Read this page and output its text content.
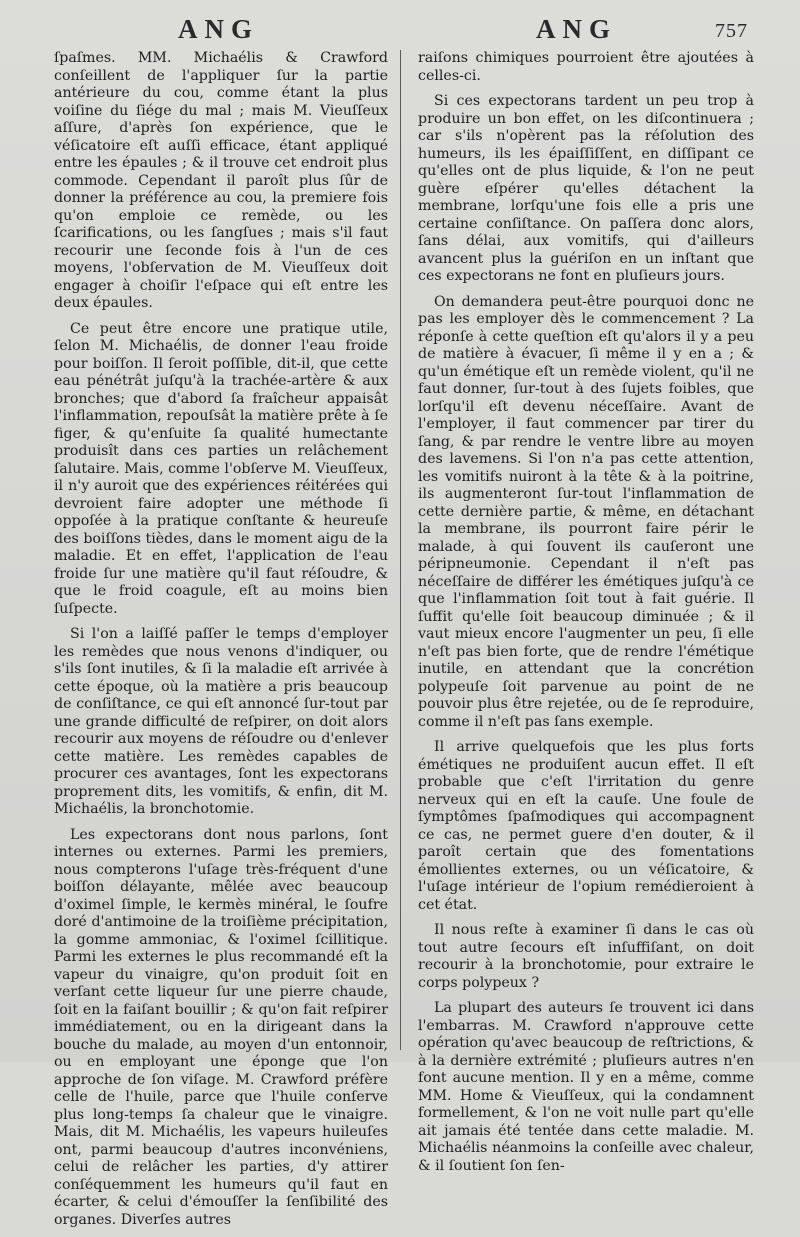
ANG	ANG	757

ſpaſmes. MM. Michaélis & Crawford conſeillent de l'appliquer ſur la partie antérieure du cou, comme étant la plus voiſine du ſiége du mal ; mais M. Vieuſſeux aſſure, d'après ſon expérience, que le véſicatoire eſt auſſi efficace, étant appliqué entre les épaules ; & il trouve cet endroit plus commode. Cependant il paroît plus ſûr de donner la préférence au cou, la premiere fois qu'on emploie ce remède, ou les ſcarifications, ou les ſangſues ; mais s'il faut recourir une ſeconde fois à l'un de ces moyens, l'obſervation de M. Vieuſſeux doit engager à choiſir l'eſpace qui eſt entre les deux épaules.

Ce peut être encore une pratique utile, ſelon M. Michaélis, de donner l'eau froide pour boiſſon. Il ſeroit poſſible, dit-il, que cette eau pénétrât juſqu'à la trachée-artère & aux bronches; que d'abord ſa fraîcheur appaisât l'inflammation, repouſsât la matière prête à ſe figer, & qu'enſuite ſa qualité humectante produisît dans ces parties un relâchement ſalutaire. Mais, comme l'obſerve M. Vieuſſeux, il n'y auroit que des expériences réitérées qui devroient faire adopter une méthode ſi oppoſée à la pratique conſtante & heureuſe des boiſſons tièdes, dans le moment aigu de la maladie. Et en effet, l'application de l'eau froide ſur une matière qu'il faut réſoudre, & que le froid coagule, eſt au moins bien ſuſpecte.

Si l'on a laiſſé paſſer le temps d'employer les remèdes que nous venons d'indiquer, ou s'ils ſont inutiles, & ſi la maladie eſt arrivée à cette époque, où la matière a pris beaucoup de conſiſtance, ce qui eſt annoncé ſur-tout par une grande difficulté de reſpirer, on doit alors recourir aux moyens de réſoudre ou d'enlever cette matière. Les remèdes capables de procurer ces avantages, ſont les expectorans proprement dits, les vomitifs, & enfin, dit M. Michaélis, la bronchotomie.

Les expectorans dont nous parlons, ſont internes ou externes. Parmi les premiers, nous compterons l'uſage très-fréquent d'une boiſſon délayante, mêlée avec beaucoup d'oximel ſimple, le kermès minéral, le ſoufre doré d'antimoine de la troiſième précipitation, la gomme ammoniac, & l'oximel ſcillitique. Parmi les externes le plus recommandé eſt la vapeur du vinaigre, qu'on produit ſoit en verſant cette liqueur ſur une pierre chaude, ſoit en la faiſant bouillir ; & qu'on fait reſpirer immédiatement, ou en la dirigeant dans la bouche du malade, au moyen d'un entonnoir, ou en employant une éponge que l'on approche de ſon viſage. M. Crawford préfère celle de l'huile, parce que l'huile conſerve plus long-temps ſa chaleur que le vinaigre. Mais, dit M. Michaélis, les vapeurs huileuſes ont, parmi beaucoup d'autres inconvéniens, celui de relâcher les parties, d'y attirer conſéquemment les humeurs qu'il faut en écarter, & celui d'émouſſer la ſenſibilité des organes. Diverſes autres

raiſons chimiques pourroient être ajoutées à celles-ci.

Si ces expectorans tardent un peu trop à produire un bon effet, on les diſcontinuera ; car s'ils n'opèrent pas la réſolution des humeurs, ils les épaiſſiſſent, en diſſipant ce qu'elles ont de plus liquide, & l'on ne peut guère eſpérer qu'elles détachent la membrane, lorſqu'une fois elle a pris une certaine conſiſtance. On paſſera donc alors, ſans délai, aux vomitifs, qui d'ailleurs avancent plus la guériſon en un inſtant que ces expectorans ne font en pluſieurs jours.

On demandera peut-être pourquoi donc ne pas les employer dès le commencement ? La réponſe à cette queſtion eſt qu'alors il y a peu de matière à évacuer, ſi même il y en a ; & qu'un émétique eſt un remède violent, qu'il ne faut donner, ſur-tout à des ſujets foibles, que lorſqu'il eſt devenu néceſſaire. Avant de l'employer, il faut commencer par tirer du ſang, & par rendre le ventre libre au moyen des lavemens. Si l'on n'a pas cette attention, les vomitifs nuiront à la tête & à la poitrine, ils augmenteront ſur-tout l'inflammation de cette dernière partie, & même, en détachant la membrane, ils pourront faire périr le malade, à qui ſouvent ils cauſeront une péripneumonie. Cependant il n'eſt pas néceſſaire de différer les émétiques juſqu'à ce que l'inflammation ſoit tout à fait guérie. Il ſuffit qu'elle ſoit beaucoup diminuée ; & il vaut mieux encore l'augmenter un peu, ſi elle n'eſt pas bien forte, que de rendre l'émétique inutile, en attendant que la concrétion polypeuſe ſoit parvenue au point de ne pouvoir plus être rejetée, ou de ſe reproduire, comme il n'eſt pas ſans exemple.

Il arrive quelquefois que les plus forts émétiques ne produiſent aucun effet. Il eſt probable que c'eſt l'irritation du genre nerveux qui en eſt la cauſe. Une foule de ſymptômes ſpaſmodiques qui accompagnent ce cas, ne permet guere d'en douter, & il paroît certain que des fomentations émollientes externes, ou un véſicatoire, & l'uſage intérieur de l'opium remédieroient à cet état.

Il nous reſte à examiner ſi dans le cas où tout autre ſecours eſt inſuffiſant, on doit recourir à la bronchotomie, pour extraire le corps polypeux ?

La plupart des auteurs ſe trouvent ici dans l'embarras. M. Crawford n'approuve cette opération qu'avec beaucoup de reſtrictions, & à la dernière extrémité ; pluſieurs autres n'en font aucune mention. Il y en a même, comme MM. Home & Vieuſſeux, qui la condamnent formellement, & l'on ne voit nulle part qu'elle ait jamais été tentée dans cette maladie. M. Michaélis néanmoins la conſeille avec chaleur, & il ſoutient ſon ſen-
